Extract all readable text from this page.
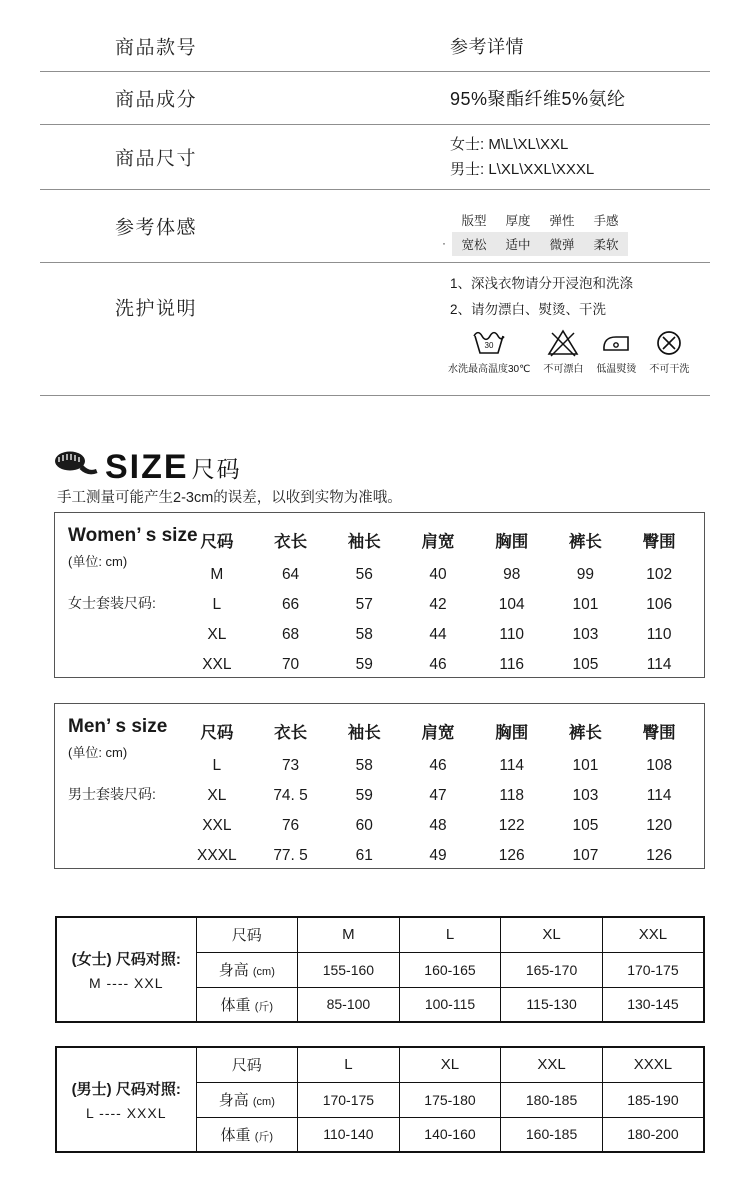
商品款号	参考详情
商品成分	95%聚酯纤维5%氨纶
商品尺寸
女士: M\L\XL\XXL
男士: L\XL\XXL\XXXL
参考体感	版型	厚度	弹性	手感
·	宽松	适中	微弹	柔软
洗护说明
1、深浅衣物请分开浸泡和洗涤
2、请勿漂白、熨烫、干洗
30
水洗最高温度30℃ 不可漂白 低温熨烫 不可干洗
SIZE 尺码
手工测量可能产生2-3cm的误差，以收到实物为准哦。
Women’ s size
(单位: cm)
女士套装尺码:
尺码	衣长	袖长	肩宽	胸围	裤长	臀围
M	64	56	40	98	99	102
L	66	57	42	104	101	106
XL	68	58	44	110	103	110
XXL	70	59	46	116	105	114
Men’ s size
(单位: cm)
男士套装尺码:
尺码	衣长	袖长	肩宽	胸围	裤长	臀围
L	73	58	46	114	101	108
XL	74. 5	59	47	118	103	114
XXL	76	60	48	122	105	120
XXXL	77. 5	61	49	126	107	126
(女士) 尺码对照:
M ---- XXL	尺码	M	L	XL	XXL
	身高 (cm)	155-160	160-165	165-170	170-175
	体重 (斤)	85-100	100-115	115-130	130-145
(男士) 尺码对照:
L ---- XXXL	尺码	L	XL	XXL	XXXL
	身高 (cm)	170-175	175-180	180-185	185-190
	体重 (斤)	110-140	140-160	160-185	180-200
